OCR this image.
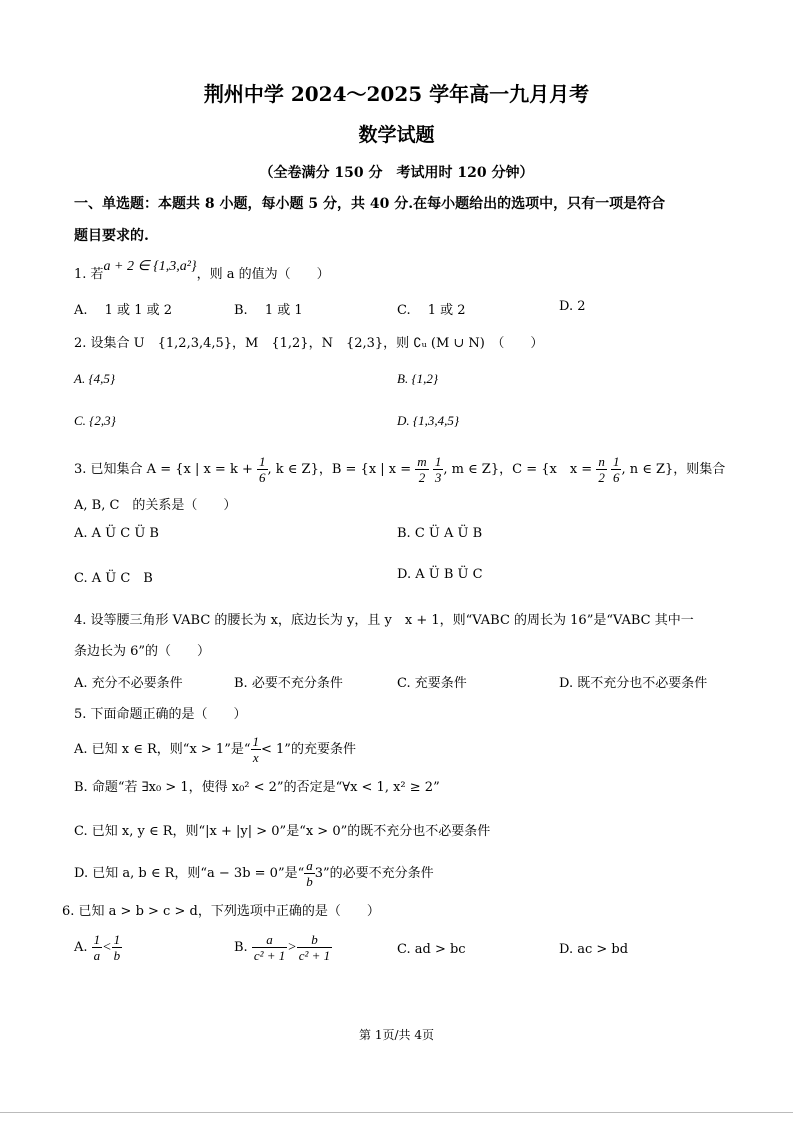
荆州中学 2024～2025 学年高一九月月考
数学试题
（全卷满分 150 分　考试用时 120 分钟）
一、单选题：本题共 8 小题，每小题 5 分，共 40 分.在每小题给出的选项中，只有一项是符合
题目要求的.
1. 若a + 2 ∈ {1,3,a²}，则 a 的值为（　　）
A. 　1 或 1 或 2	B. 　1 或 1	C. 　1 或 2	D. 2
2. 设集合 U　{1,2,3,4,5}，M　{1,2}，N　{2,3}，则 ∁ᵤ (M ∪ N)　（　　）
A. {4,5}	B. {1,2}
C. {2,3}	D. {1,3,4,5}
3. 已知集合 A = {x | $x = k + \frac{1}{6}$ , k ∈ Z}，B = {x | $x = \frac{m}{2}$
$\frac{1}{3}$ , m ∈ Z}，C = {x　$x = \frac{n}{2}$
$\frac{1}{6}$ , n ∈ Z}，则集合
A, B, C　的关系是（　　）
A. A Ü C Ü B	B. C Ü A Ü B
C. A Ü C　B	D. A Ü B Ü C
4. 设等腰三角形 VABC 的腰长为 x，底边长为 y，且 y　x + 1，则“VABC 的周长为 16”是“VABC 其中一
条边长为 6”的（　　）
A. 充分不必要条件	B. 必要不充分条件	C. 充要条件	D. 既不充分也不必要条件
5. 下面命题正确的是（　　）
A. 已知 x ∈ R，则“x > 1”是“ $\frac{1}{x} < 1$”的充要条件
B. 命题“若 ∃x₀ > 1，使得 x₀² < 2”的否定是“∀x < 1, x² ≥ 2”
C. 已知 x, y ∈ R，则“|x + |y| > 0”是“x > 0”的既不充分也不必要条件
D. 已知 a, b ∈ R，则“a − 3b = 0”是“ $\frac{a}{b} 3$”的必要不充分条件
6. 已知 a > b > c > d，下列选项中正确的是（　　）
A. $\frac{1}{a} < \frac{1}{b}$	B. $\frac{a}{\text{c² + 1}} > \frac{b}{\text{c² + 1}}$	C. ad > bc	D. ac > bd
第 1页/共 4页
